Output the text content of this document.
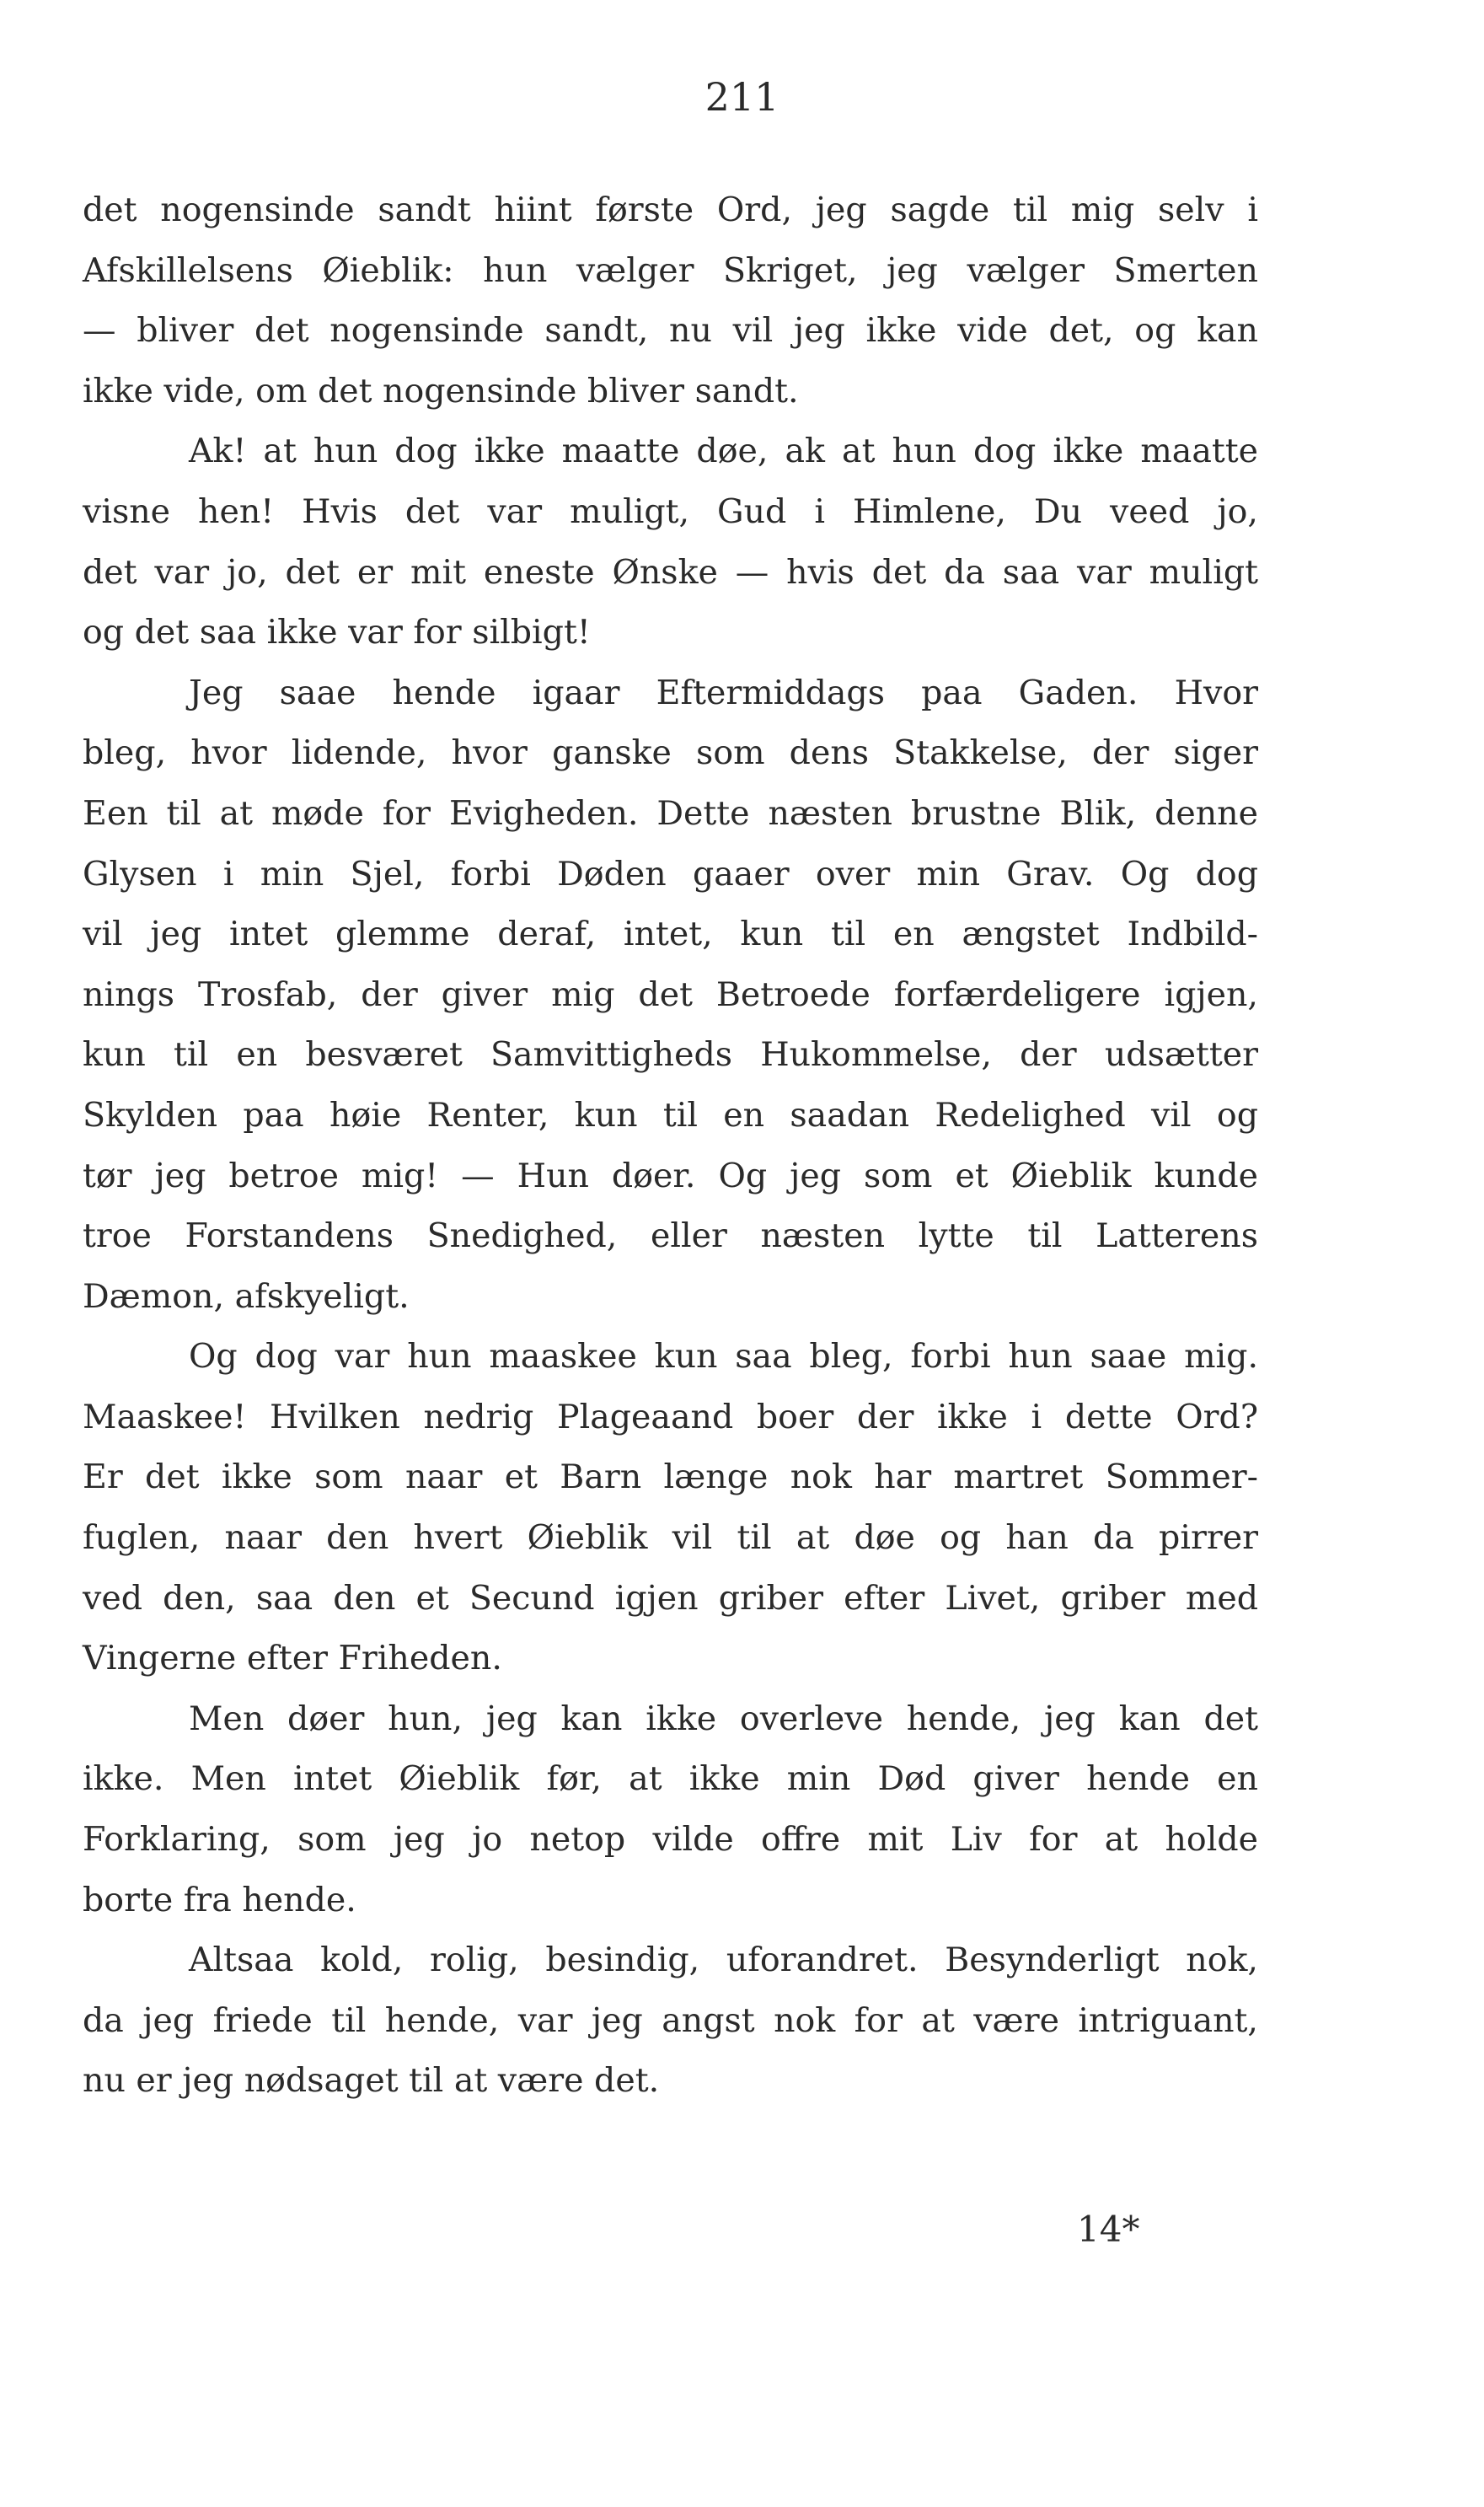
211

det nogensinde sandt hiint første Ord, jeg sagde til mig selv i
Afskillelsens Øieblik: hun vælger Skriget, jeg vælger Smerten
— bliver det nogensinde sandt, nu vil jeg ikke vide det, og kan
ikke vide, om det nogensinde bliver sandt.

Ak! at hun dog ikke maatte døe, ak at hun dog ikke maatte
visne hen! Hvis det var muligt, Gud i Himlene, Du veed jo,
det var jo, det er mit eneste Ønske — hvis det da saa var muligt
og det saa ikke var for silbigt!

Jeg saae hende igaar Eftermiddags paa Gaden. Hvor
bleg, hvor lidende, hvor ganske som dens Stakkelse, der siger
Een til at møde for Evigheden. Dette næsten brustne Blik, denne
Glysen i min Sjel, forbi Døden gaaer over min Grav. Og dog
vil jeg intet glemme deraf, intet, kun til en ængstet Indbild-
nings Trosfab, der giver mig det Betroede forfærdeligere igjen,
kun til en besværet Samvittigheds Hukommelse, der udsætter
Skylden paa høie Renter, kun til en saadan Redelighed vil og
tør jeg betroe mig! — Hun døer. Og jeg som et Øieblik kunde
troe Forstandens Snedighed, eller næsten lytte til Latterens
Dæmon, afskyeligt.

Og dog var hun maaskee kun saa bleg, forbi hun saae mig.
Maaskee! Hvilken nedrig Plageaand boer der ikke i dette Ord?
Er det ikke som naar et Barn længe nok har martret Sommer-
fuglen, naar den hvert Øieblik vil til at døe og han da pirrer
ved den, saa den et Secund igjen griber efter Livet, griber med
Vingerne efter Friheden.

Men døer hun, jeg kan ikke overleve hende, jeg kan det
ikke. Men intet Øieblik før, at ikke min Død giver hende en
Forklaring, som jeg jo netop vilde offre mit Liv for at holde
borte fra hende.

Altsaa kold, rolig, besindig, uforandret. Besynderligt nok,
da jeg friede til hende, var jeg angst nok for at være intriguant,
nu er jeg nødsaget til at være det.

14*
